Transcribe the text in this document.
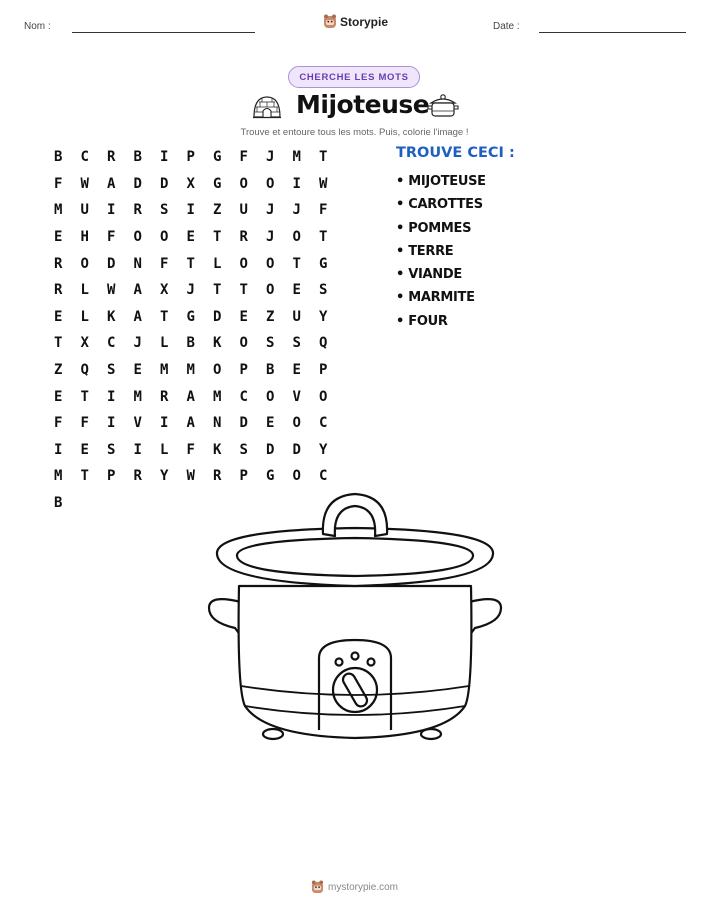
Nom :	Storypie	Date :
CHERCHE LES MOTS
Mijoteuse
Trouve et entoure tous les mots. Puis, colorie l'image !
B	C	R	B	I	P	G	F	J	M	T
F	W	A	D	D	X	G	O	O	I	W
M	U	I	R	S	I	Z	U	J	J	F
E	H	F	O	O	E	T	R	J	O	T
R	O	D	N	F	T	L	O	O	T	G
R	L	W	A	X	J	T	T	O	E	S
E	L	K	A	T	G	D	E	Z	U	Y
T	X	C	J	L	B	K	O	S	S	Q
Z	Q	S	E	M	M	O	P	B	E	P
E	T	I	M	R	A	M	C	O	V	O
F	F	I	V	I	A	N	D	E	O	C
I	E	S	I	L	F	K	S	D	D	Y
M	T	P	R	Y	W	R	P	G	O	C
B
TROUVE CECI :
• MIJOTEUSE
• CAROTTES
• POMMES
• TERRE
• VIANDE
• MARMITE
• FOUR
mystorypie.com
